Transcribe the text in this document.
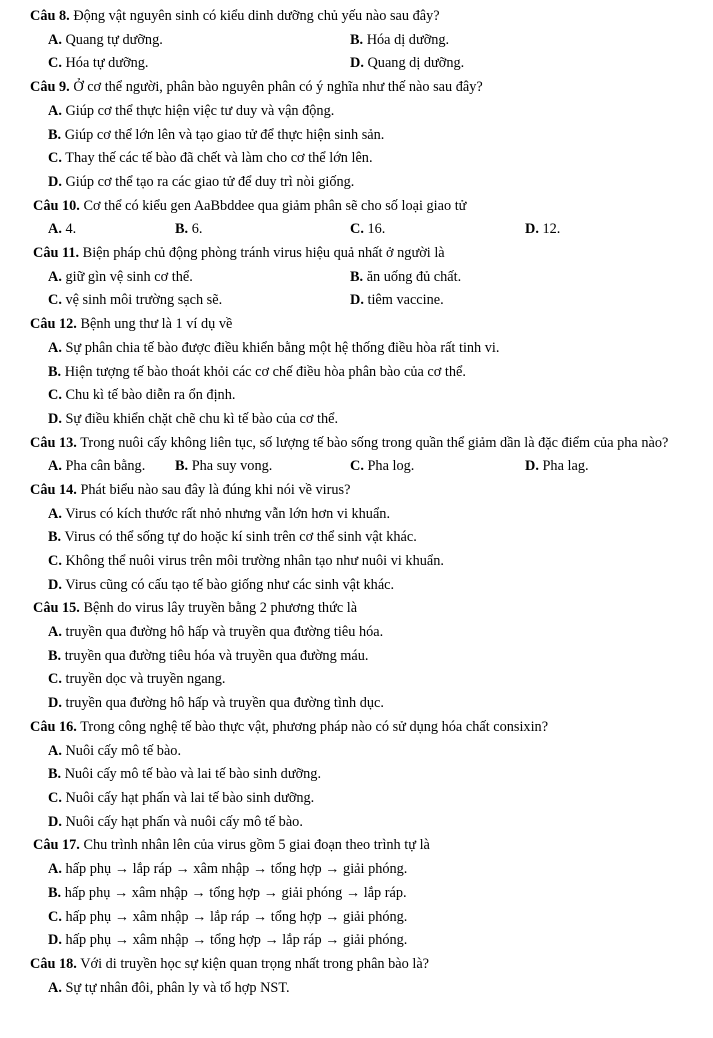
Câu 8. Động vật nguyên sinh có kiểu dinh dưỡng chủ yếu nào sau đây?
A. Quang tự dưỡng.	B. Hóa dị dưỡng.
C. Hóa tự dưỡng.	D. Quang dị dưỡng.
Câu 9. Ở cơ thể người, phân bào nguyên phân có ý nghĩa như thế nào sau đây?
A. Giúp cơ thể thực hiện việc tư duy và vận động.
B. Giúp cơ thể lớn lên và tạo giao tử để thực hiện sinh sản.
C. Thay thế các tế bào đã chết và làm cho cơ thể lớn lên.
D. Giúp cơ thể tạo ra các giao tử để duy trì nòi giống.
Câu 10. Cơ thể có kiểu gen AaBbddee qua giảm phân sẽ cho số loại giao tử
A. 4.	B. 6.	C. 16.	D. 12.
Câu 11. Biện pháp chủ động phòng tránh virus hiệu quả nhất ở người là
A. giữ gìn vệ sinh cơ thể.	B. ăn uống đủ chất.
C. vệ sinh môi trường sạch sẽ.	D. tiêm vaccine.
Câu 12. Bệnh ung thư là 1 ví dụ về
A. Sự phân chia tế bào được điều khiển bằng một hệ thống điều hòa rất tinh vi.
B. Hiện tượng tế bào thoát khỏi các cơ chế điều hòa phân bào của cơ thể.
C. Chu kì tế bào diễn ra ổn định.
D. Sự điều khiển chặt chẽ chu kì tế bào của cơ thể.
Câu 13. Trong nuôi cấy không liên tục, số lượng tế bào sống trong quần thể giảm dần là đặc điểm của pha nào?
A. Pha cân bằng.	B. Pha suy vong.	C. Pha log.	D. Pha lag.
Câu 14. Phát biểu nào sau đây là đúng khi nói về virus?
A. Virus có kích thước rất nhỏ nhưng vẫn lớn hơn vi khuẩn.
B. Virus có thể sống tự do hoặc kí sinh trên cơ thể sinh vật khác.
C. Không thể nuôi virus trên môi trường nhân tạo như nuôi vi khuẩn.
D. Virus cũng có cấu tạo tế bào giống như các sinh vật khác.
Câu 15. Bệnh do virus lây truyền bằng 2 phương thức là
A. truyền qua đường hô hấp và truyền qua đường tiêu hóa.
B. truyền qua đường tiêu hóa và truyền qua đường máu.
C. truyền dọc và truyền ngang.
D. truyền qua đường hô hấp và truyền qua đường tình dục.
Câu 16. Trong công nghệ tế bào thực vật, phương pháp nào có sử dụng hóa chất consixin?
A. Nuôi cấy mô tế bào.
B. Nuôi cấy mô tế bào và lai tế bào sinh dưỡng.
C. Nuôi cấy hạt phấn và lai tế bào sinh dưỡng.
D. Nuôi cấy hạt phấn và nuôi cấy mô tế bào.
Câu 17. Chu trình nhân lên của virus gồm 5 giai đoạn theo trình tự là
A. hấp phụ → lắp ráp → xâm nhập → tổng hợp → giải phóng.
B. hấp phụ → xâm nhập → tổng hợp → giải phóng → lắp ráp.
C. hấp phụ → xâm nhập → lắp ráp → tổng hợp → giải phóng.
D. hấp phụ → xâm nhập → tổng hợp → lắp ráp → giải phóng.
Câu 18. Với di truyền học sự kiện quan trọng nhất trong phân bào là?
A. Sự tự nhân đôi, phân ly và tổ hợp NST.
